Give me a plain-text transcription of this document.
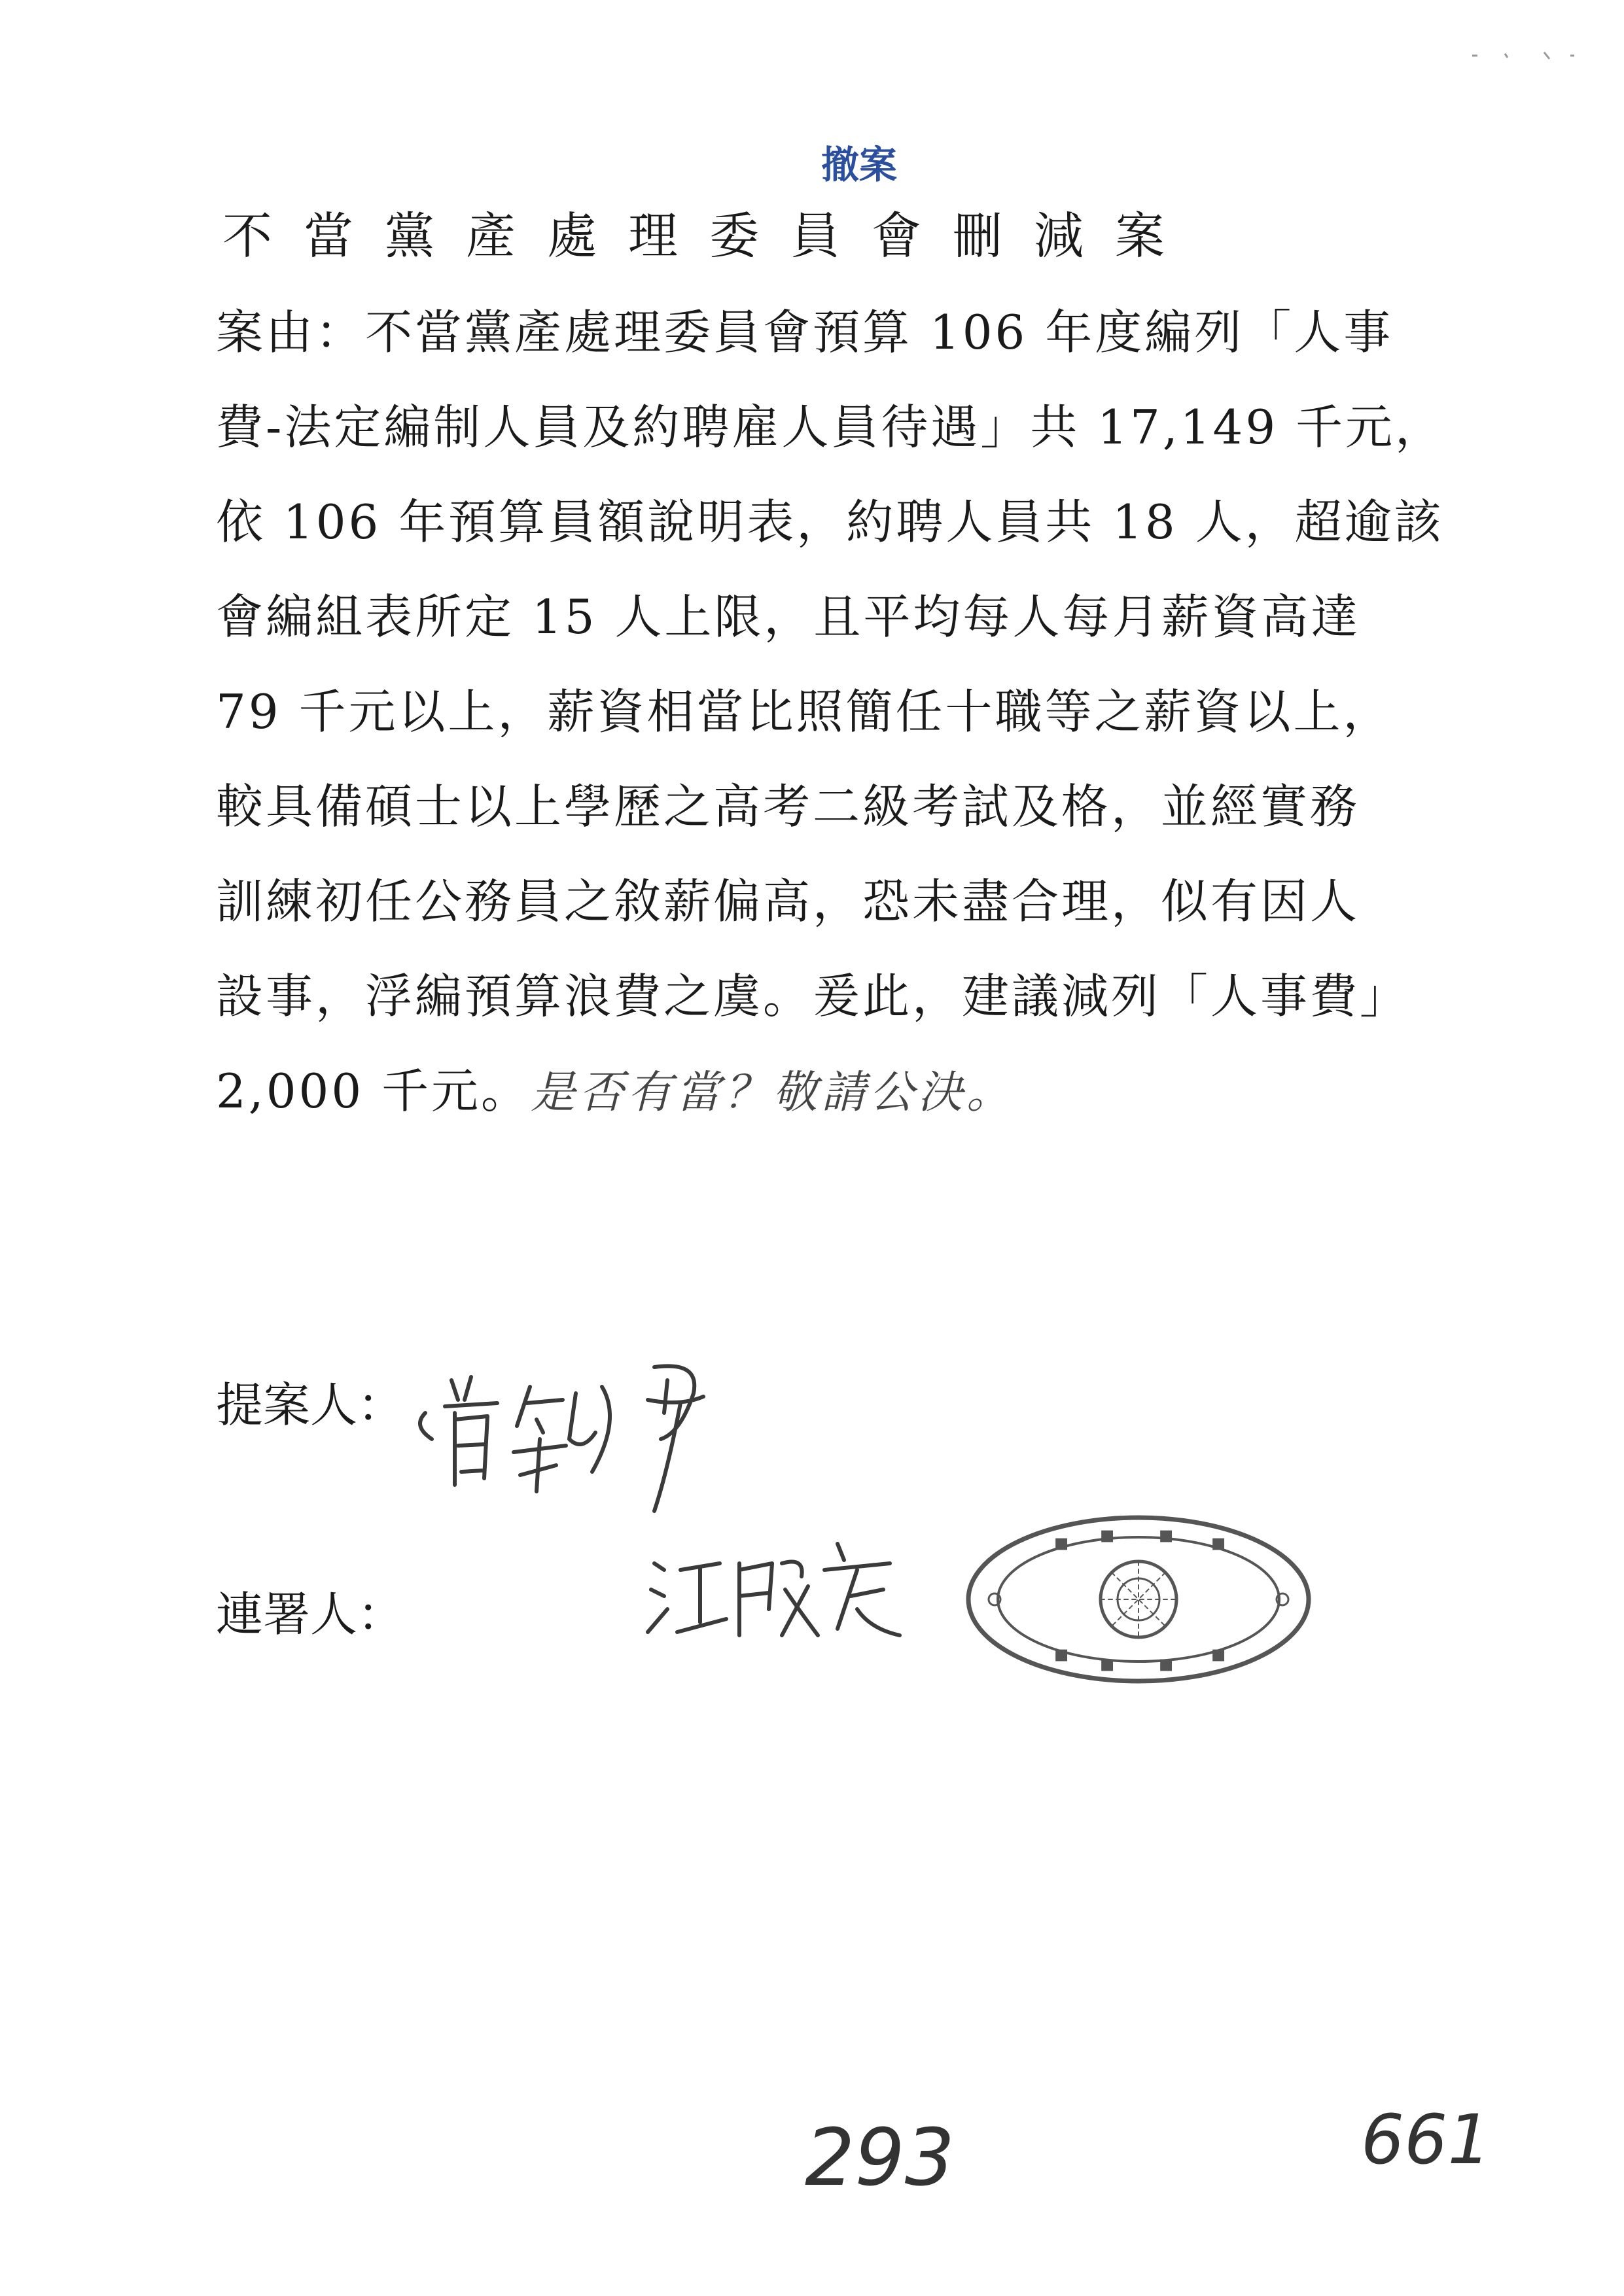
撤案
不當黨產處理委員會刪減案
案由：不當黨產處理委員會預算 106 年度編列「人事
費-法定編制人員及約聘雇人員待遇」共 17,149 千元，
依 106 年預算員額說明表，約聘人員共 18 人，超逾該
會編組表所定 15 人上限，且平均每人每月薪資高達
79 千元以上，薪資相當比照簡任十職等之薪資以上，
較具備碩士以上學歷之高考二級考試及格，並經實務
訓練初任公務員之敘薪偏高，恐未盡合理，似有因人
設事，浮編預算浪費之虞。爰此，建議減列「人事費」
2,000 千元。是否有當？敬請公決。
提案人：
連署人：
▪ ▪ ▪ ▪
▪ ▪ ▪ ▪
293	661
